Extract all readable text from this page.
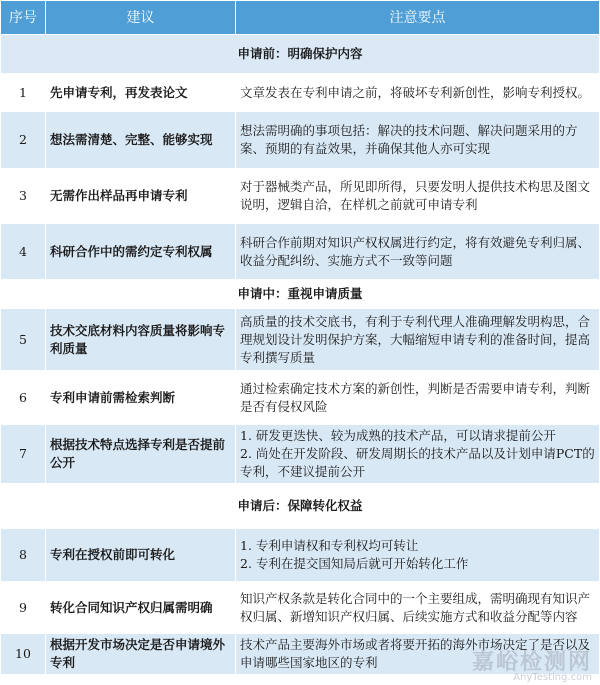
序号	建议	注意要点
申请前：明确保护内容		
1	先申请专利，再发表论文	文章发表在专利申请之前，将破坏专利新创性，影响专利授权。
2	想法需清楚、完整、能够实现	想法需明确的事项包括：解决的技术问题、解决问题采用的方案、预期的有益效果，并确保其他人亦可实现
3	无需作出样品再申请专利	对于器械类产品，所见即所得，只要发明人提供技术构思及图文说明，逻辑自洽，在样机之前就可申请专利
4	科研合作中的需约定专利权属	科研合作前期对知识产权权属进行约定，将有效避免专利归属、收益分配纠纷、实施方式不一致等问题
申请中：重视申请质量		
5	技术交底材料内容质量将影响专利质量	高质量的技术交底书，有利于专利代理人准确理解发明构思，合理规划设计发明保护方案，大幅缩短申请专利的准备时间，提高专利撰写质量
6	专利申请前需检索判断	通过检索确定技术方案的新创性，判断是否需要申请专利，判断是否有侵权风险
7	根据技术特点选择专利是否提前公开	1. 研发更迭快、较为成熟的技术产品，可以请求提前公开
2. 尚处在开发阶段、研发周期长的技术产品以及计划申请PCT的专利，不建议提前公开

申请后：保障转化权益		
8	专利在授权前即可转化	1. 专利申请权和专利权均可转让
2. 专利在提交国知局后就可开始转化工作

9	转化合同知识产权归属需明确	知识产权条款是转化合同中的一个主要组成，需明确现有知识产权归属、新增知识产权归属、后续实施方式和收益分配等内容
10	根据开发市场决定是否申请境外专利	技术产品主要海外市场或者将要开拓的海外市场决定了是否以及申请哪些国家地区的专利	嘉峪检测网
AnyTesting.com
